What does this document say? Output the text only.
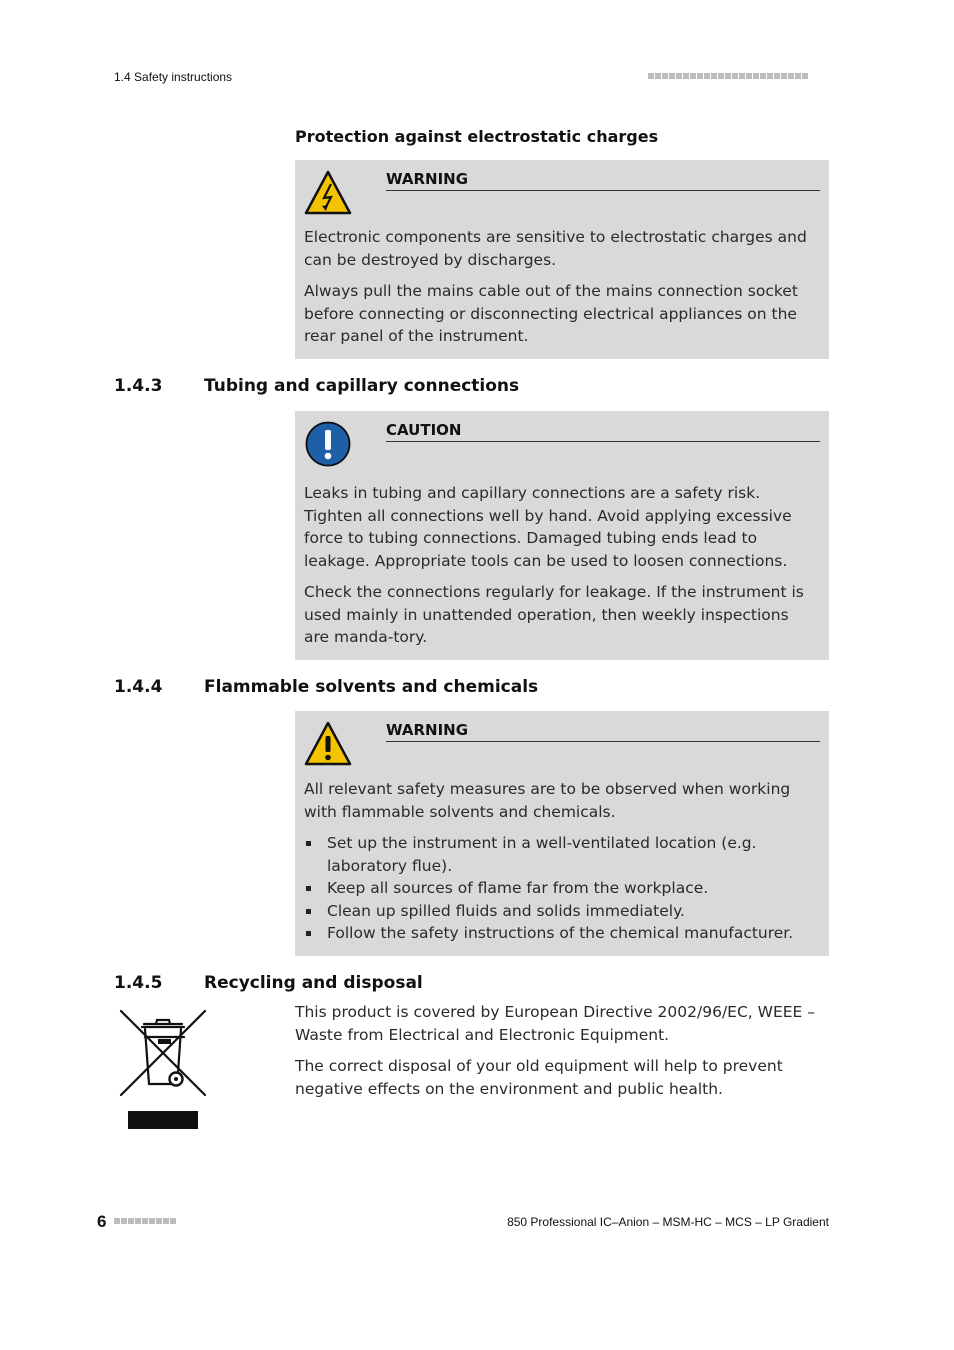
1.4 Safety instructions
Protection against electrostatic charges
WARNING

Electronic components are sensitive to electrostatic charges and can be destroyed by discharges.

Always pull the mains cable out of the mains connection socket before connecting or disconnecting electrical appliances on the rear panel of the instrument.

1.4.3 Tubing and capillary connections
CAUTION

Leaks in tubing and capillary connections are a safety risk. Tighten all connections well by hand. Avoid applying excessive force to tubing connections. Damaged tubing ends lead to leakage. Appropriate tools can be used to loosen connections.

Check the connections regularly for leakage. If the instrument is used mainly in unattended operation, then weekly inspections are manda-tory.

1.4.4 Flammable solvents and chemicals
WARNING

All relevant safety measures are to be observed when working with flammable solvents and chemicals.

Set up the instrument in a well-ventilated location (e.g. laboratory flue).
Keep all sources of flame far from the workplace.
Clean up spilled fluids and solids immediately.
Follow the safety instructions of the chemical manufacturer.
1.4.5 Recycling and disposal

This product is covered by European Directive 2002/96/EC, WEEE – Waste from Electrical and Electronic Equipment.

The correct disposal of your old equipment will help to prevent negative effects on the environment and public health.

6	850 Professional IC–Anion – MSM-HC – MCS – LP Gradient
